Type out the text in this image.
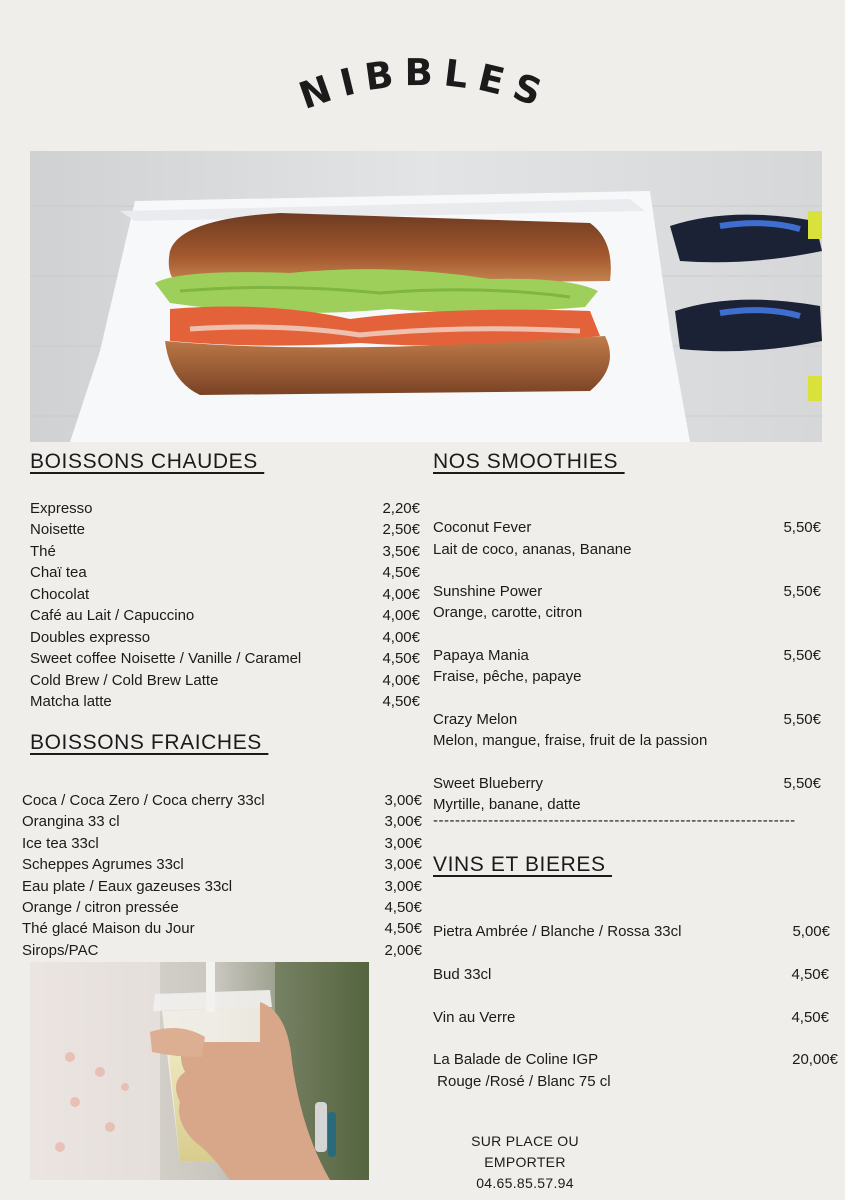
NIBBLES
BOISSONS CHAUDES
Expresso	2,20€
Noisette	2,50€
Thé	3,50€
Chaï tea	4,50€
Chocolat	4,00€
Café au Lait / Capuccino	4,00€
Doubles expresso	4,00€
Sweet coffee Noisette / Vanille / Caramel	4,50€
Cold Brew / Cold Brew Latte	4,00€
Matcha latte	4,50€
BOISSONS FRAICHES
Coca / Coca Zero / Coca cherry 33cl	3,00€
Orangina 33 cl	3,00€
Ice tea 33cl	3,00€
Scheppes Agrumes 33cl	3,00€
Eau plate / Eaux gazeuses 33cl	3,00€
Orange / citron pressée	4,50€
Thé glacé Maison du Jour	4,50€
Sirops/PAC	2,00€
NOS SMOOTHIES
Coconut Fever	5,50€
Lait de coco, ananas, Banane
Sunshine Power	5,50€
Orange, carotte, citron
Papaya Mania	5,50€
Fraise, pêche, papaye
Crazy Melon	5,50€
Melon, mangue, fraise, fruit de la passion
Sweet Blueberry	5,50€
Myrtille, banane, datte
------------------------------------------------------------------
VINS ET BIERES
Pietra Ambrée / Blanche / Rossa 33cl	5,00€
Bud 33cl	4,50€
Vin au Verre	4,50€
La Balade de Coline IGP	20,00€
Rouge /Rosé / Blanc 75 cl
SUR PLACE OU EMPORTER
04.65.85.57.94
